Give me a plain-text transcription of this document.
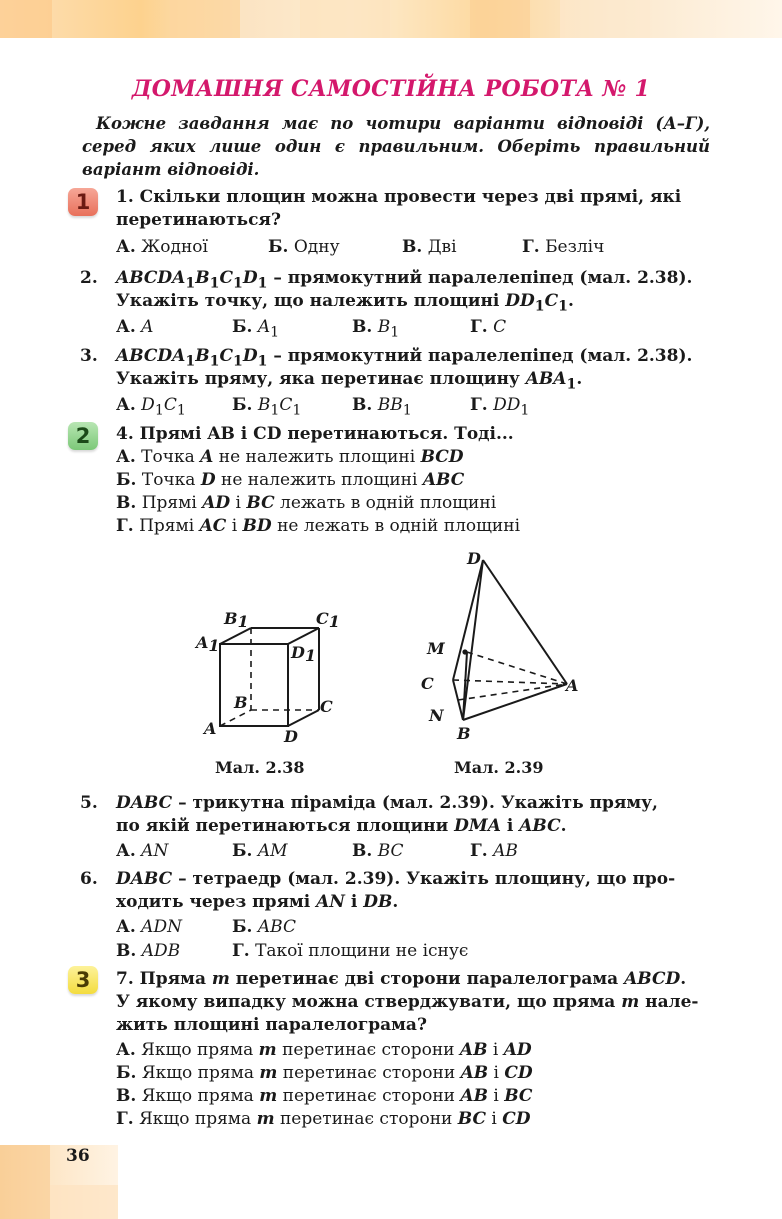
ДОМАШНЯ САМОСТІЙНА РОБОТА № 1
Кожне завдання має по чотири варіанти відповіді (А–Г), серед яких лише один є правильним. Оберіть правильний варіант відповіді.
1
2
3
1. Скільки площин можна провести через дві прямі, які
перетинаються?
А. Жодної	Б. Одну	В. Дві	Г. Безліч
2. $ABCDA_1B_1C_1D_1$ – прямокутний паралелепіпед (мал. 2.38).
Укажіть точку, що належить площині $DD_1C_1$.
А. A	Б. $A_1$	В. $B_1$	Г. C
3. $ABCDA_1B_1C_1D_1$ – прямокутний паралелепіпед (мал. 2.38).
Укажіть пряму, яка перетинає площину $ABA_1$.
А. $D_1C_1$	Б. $B_1C_1$	В. $BB_1$	Г. $DD_1$
4. Прямі AB і CD перетинаються. Тоді...
А. Точка A не належить площині BCD
Б. Точка D не належить площині ABC
В. Прямі AD і BC лежать в одній площині
Г. Прямі AC і BD не лежать в одній площині
B1	C1
A1	D1
B	C
A	D
Мал. 2.38
D
M
C	A
N
B
Мал. 2.39
5. DABC – трикутна піраміда (мал. 2.39). Укажіть пряму,
по якій перетинаються площини DMA і ABC.
А. AN	Б. AM	В. BC	Г. AB
6. DABC – тетраедр (мал. 2.39). Укажіть площину, що про-
ходить через прямі AN і DB.
А. ADN	Б. ABC
В. ADB	Г. Такої площини не існує
7. Пряма m перетинає дві сторони паралелограма ABCD.
У якому випадку можна стверджувати, що пряма m нале-
жить площині паралелограма?
А. Якщо пряма m перетинає сторони AB і AD
Б. Якщо пряма m перетинає сторони AB і CD
В. Якщо пряма m перетинає сторони AB і BC
Г. Якщо пряма m перетинає сторони BC і CD
36
